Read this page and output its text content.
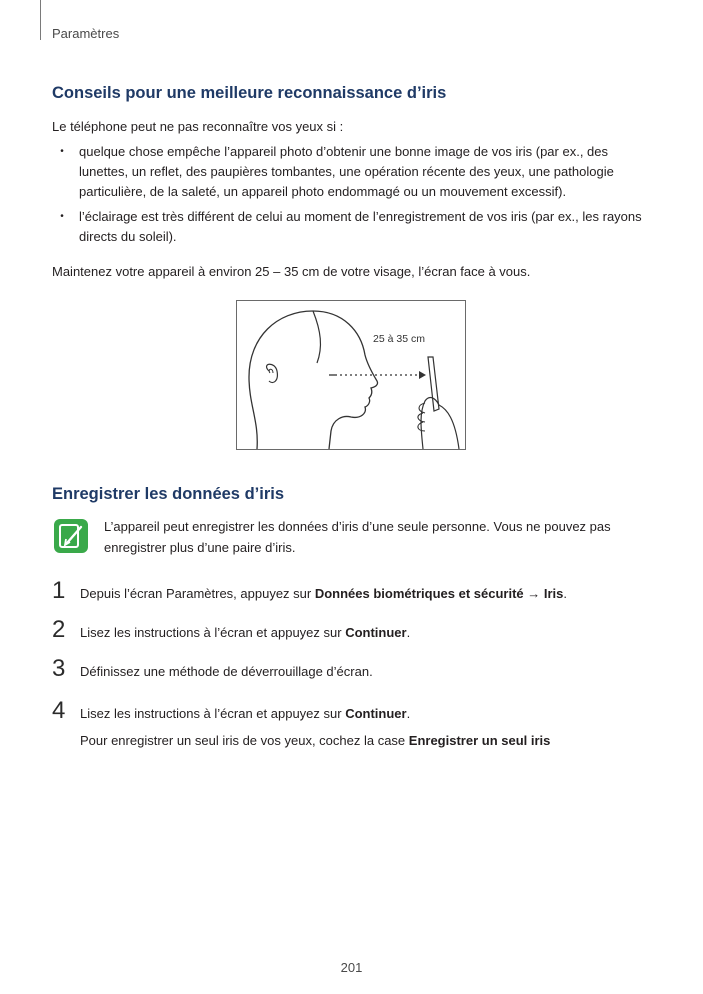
Paramètres
Conseils pour une meilleure reconnaissance d’iris

Le téléphone peut ne pas reconnaître vos yeux si :

•	quelque chose empêche l’appareil photo d’obtenir une bonne image de vos iris (par ex., des lunettes, un reflet, des paupières tombantes, une opération récente des yeux, une pathologie particulière, de la saleté, un appareil photo endommagé ou un mouvement excessif).
•	l’éclairage est très différent de celui au moment de l’enregistrement de vos iris (par ex., les rayons directs du soleil).

Maintenez votre appareil à environ 25 – 35 cm de votre visage, l’écran face à vous.

25 à 35 cm
Enregistrer les données d’iris
L’appareil peut enregistrer les données d’iris d’une seule personne. Vous ne pouvez pas enregistrer plus d’une paire d’iris.
1 Depuis l’écran Paramètres, appuyez sur Données biométriques et sécurité → Iris.
2 Lisez les instructions à l’écran et appuyez sur Continuer.
3 Définissez une méthode de déverrouillage d’écran.
4 Lisez les instructions à l’écran et appuyez sur Continuer.
Pour enregistrer un seul iris de vos yeux, cochez la case Enregistrer un seul iris
201
